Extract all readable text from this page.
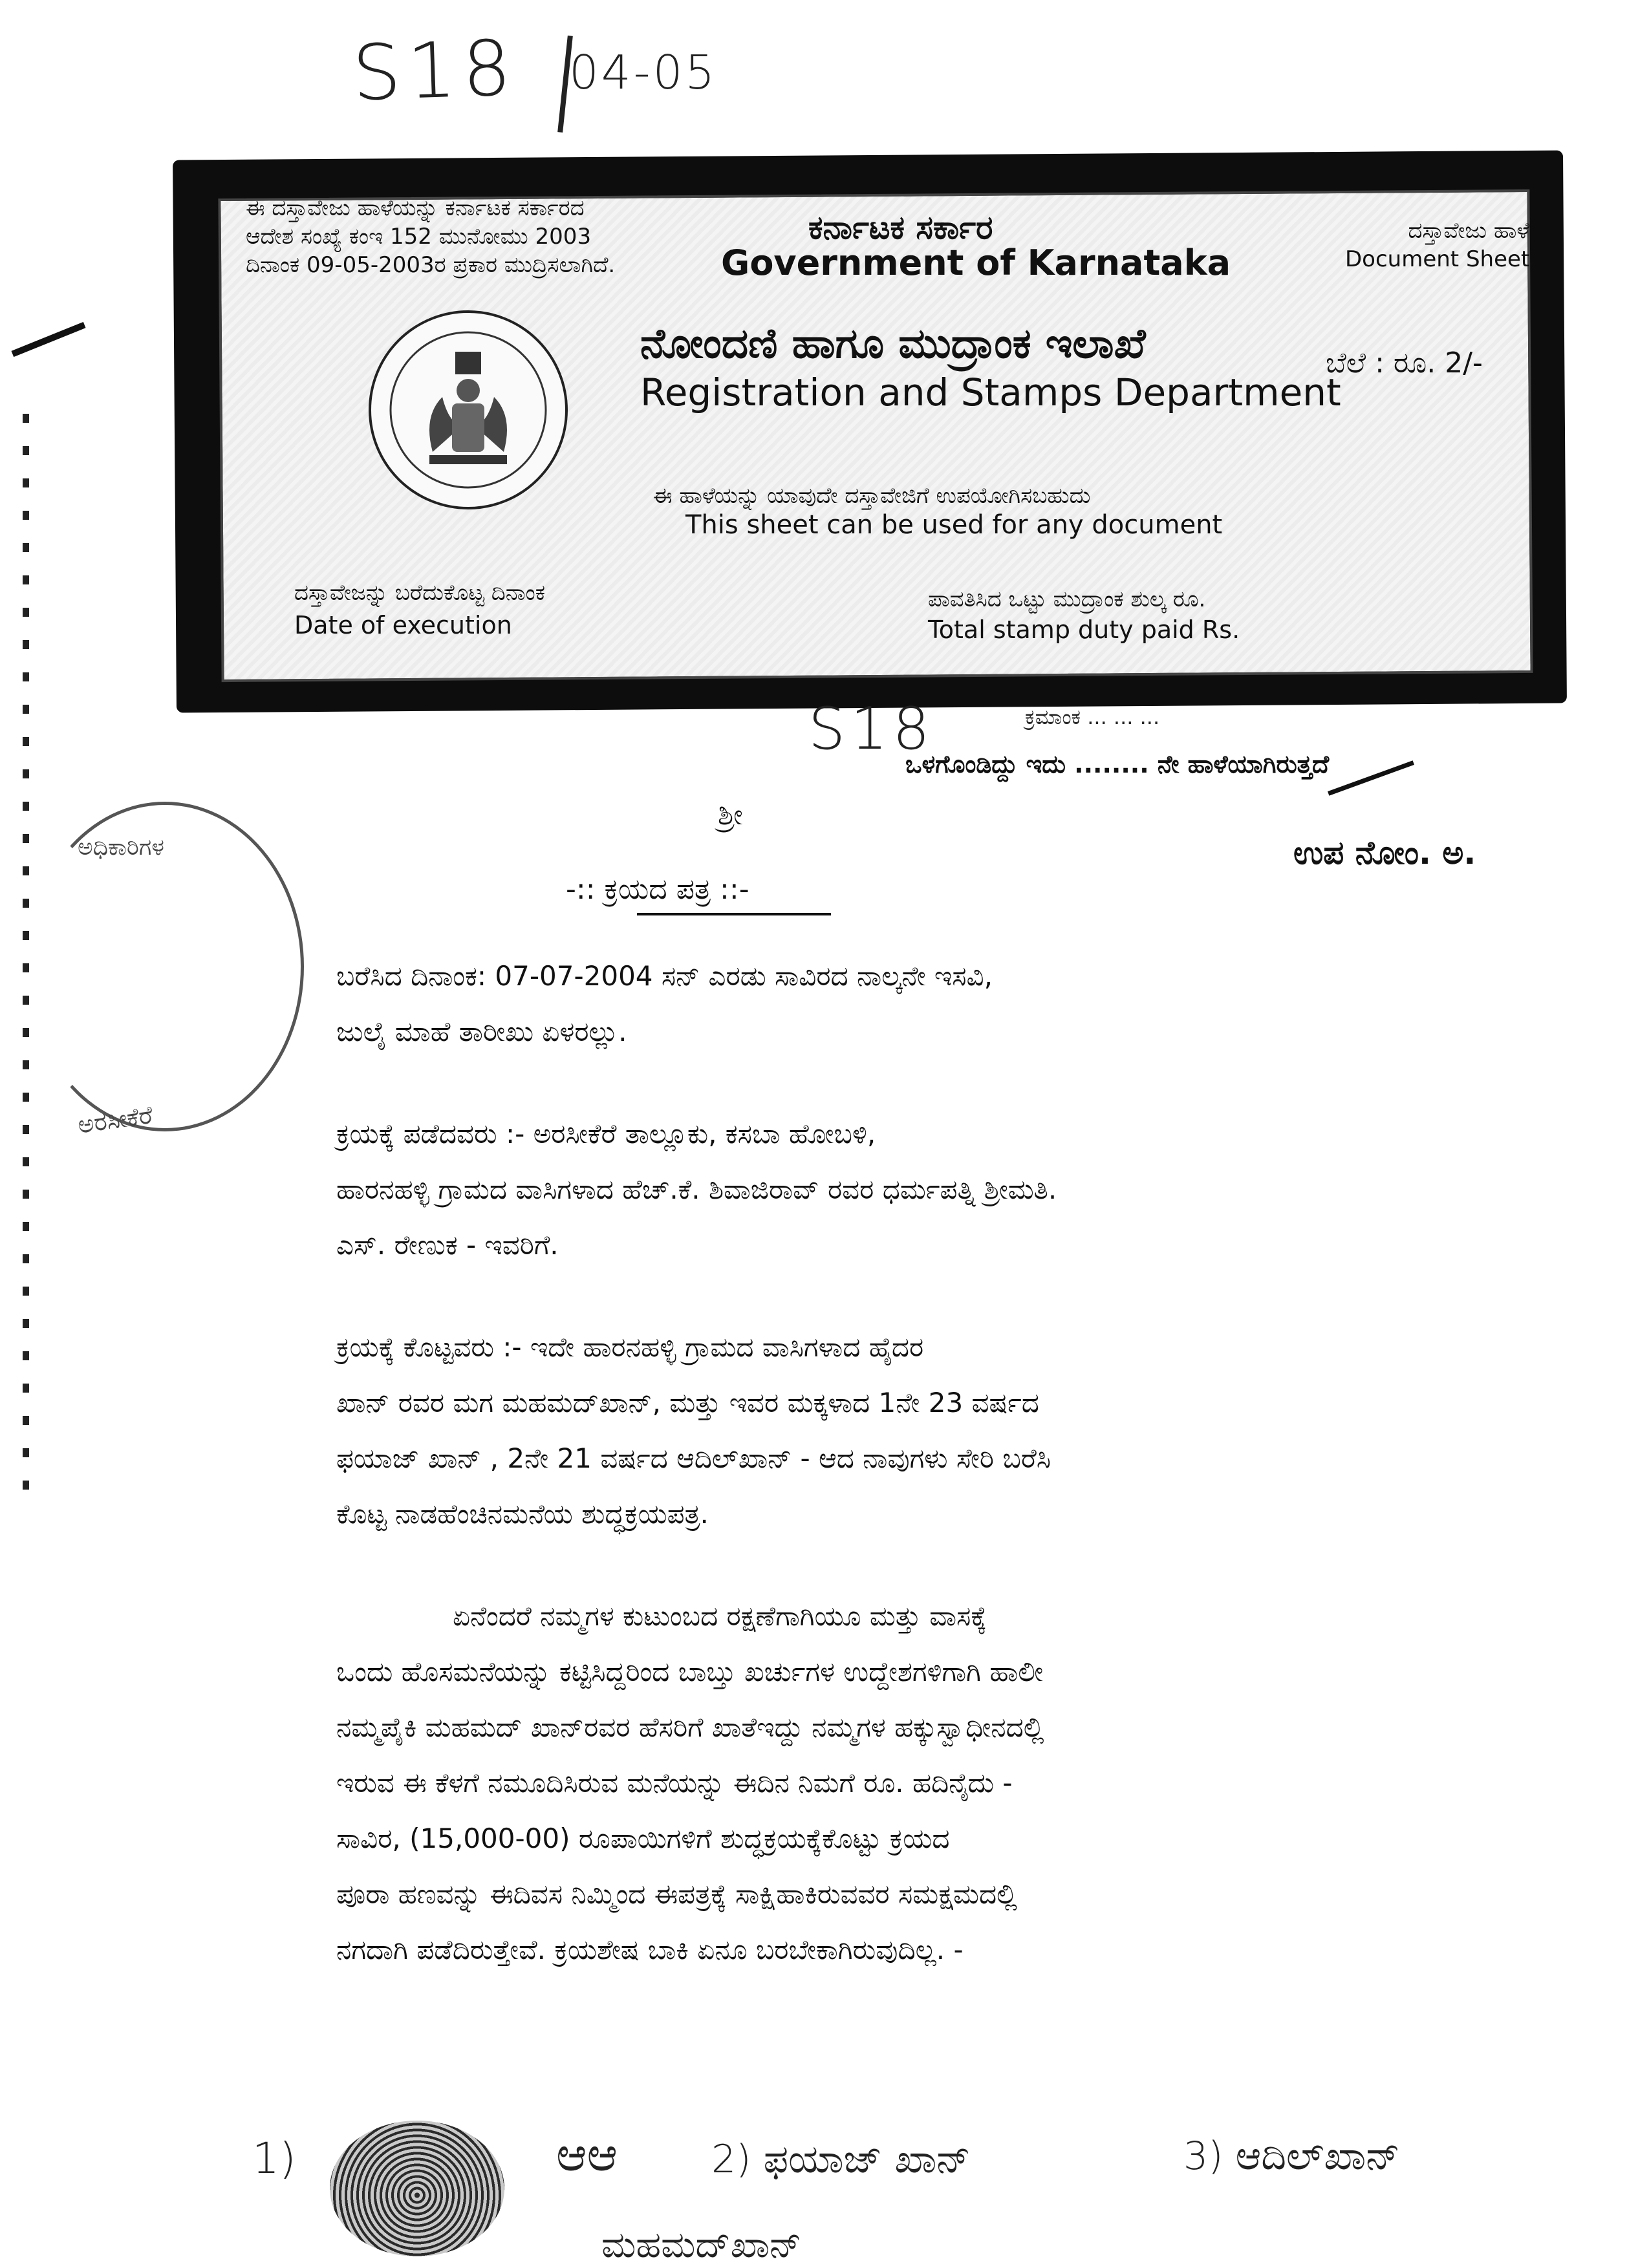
S18 04-05
ಈ ದಸ್ತಾವೇಜು ಹಾಳೆಯನ್ನು ಕರ್ನಾಟಕ ಸರ್ಕಾರದ
ಆದೇಶ ಸಂಖ್ಯೆ ಕಂಇ 152 ಮುನೋಮು 2003
ದಿನಾಂಕ 09-05-2003ರ ಪ್ರಕಾರ ಮುದ್ರಿಸಲಾಗಿದೆ.
ಕರ್ನಾಟಕ ಸರ್ಕಾರ
Government of Karnataka
ದಸ್ತಾವೇಜು ಹಾಳೆ
Document Sheet
ನೋಂದಣಿ ಹಾಗೂ ಮುದ್ರಾಂಕ ಇಲಾಖೆ
Registration and Stamps Department
ಬೆಲೆ : ರೂ. 2/-
ಈ ಹಾಳೆಯನ್ನು ಯಾವುದೇ ದಸ್ತಾವೇಜಿಗೆ ಉಪಯೋಗಿಸಬಹುದು
This sheet can be used for any document
ದಸ್ತಾವೇಜನ್ನು ಬರೆದುಕೊಟ್ಟ ದಿನಾಂಕ
Date of execution
ಪಾವತಿಸಿದ ಒಟ್ಟು ಮುದ್ರಾಂಕ ಶುಲ್ಕ ರೂ.
Total stamp duty paid Rs.
S18	ಕ್ರಮಾಂಕ ... ... ...
ಒಳಗೊಂಡಿದ್ದು ಇದು ........ ನೇ ಹಾಳೆಯಾಗಿರುತ್ತದೆ
ಉಪ ನೋಂ. ಅ.
ಅಧಿಕಾರಿಗಳ
ಅರಸೀಕೆರೆ
ಶ್ರೀ
-:: ಕ್ರಯದ ಪತ್ರ ::-
ಬರೆಸಿದ ದಿನಾಂಕ: 07-07-2004 ಸನ್ ಎರಡು ಸಾವಿರದ ನಾಲ್ಕನೇ ಇಸವಿ,
ಜುಲೈ ಮಾಹೆ ತಾರೀಖು ಏಳರಲ್ಲು.
ಕ್ರಯಕ್ಕೆ ಪಡೆದವರು :- ಅರಸೀಕೆರೆ ತಾಲ್ಲೂಕು, ಕಸಬಾ ಹೋಬಳಿ,
ಹಾರನಹಳ್ಳಿ ಗ್ರಾಮದ ವಾಸಿಗಳಾದ ಹೆಚ್.ಕೆ. ಶಿವಾಜಿರಾವ್ ರವರ ಧರ್ಮಪತ್ನಿ ಶ್ರೀಮತಿ.
ಎಸ್. ರೇಣುಕ - ಇವರಿಗೆ.
ಕ್ರಯಕ್ಕೆ ಕೊಟ್ಟವರು :- ಇದೇ ಹಾರನಹಳ್ಳಿ ಗ್ರಾಮದ ವಾಸಿಗಳಾದ ಹೈದರ
ಖಾನ್ ರವರ ಮಗ ಮಹಮದ್‌ಖಾನ್, ಮತ್ತು ಇವರ ಮಕ್ಕಳಾದ 1ನೇ 23 ವರ್ಷದ
ಫಯಾಜ್ ಖಾನ್ , 2ನೇ 21 ವರ್ಷದ ಆದಿಲ್‌ಖಾನ್ - ಆದ ನಾವುಗಳು ಸೇರಿ ಬರೆಸಿ
ಕೊಟ್ಟ ನಾಡಹೆಂಚಿನಮನೆಯ ಶುದ್ಧಕ್ರಯಪತ್ರ.
ಏನೆಂದರೆ ನಮ್ಮಗಳ ಕುಟುಂಬದ ರಕ್ಷಣೆಗಾಗಿಯೂ ಮತ್ತು ವಾಸಕ್ಕೆ
ಒಂದು ಹೊಸಮನೆಯನ್ನು ಕಟ್ಟಿಸಿದ್ದರಿಂದ ಬಾಬ್ತು ಖರ್ಚುಗಳ ಉದ್ದೇಶಗಳಿಗಾಗಿ ಹಾಲೀ
ನಮ್ಮಪೈಕಿ ಮಹಮದ್ ಖಾನ್‌ರವರ ಹೆಸರಿಗೆ ಖಾತೆಇದ್ದು ನಮ್ಮಗಳ ಹಕ್ಕುಸ್ವಾಧೀನದಲ್ಲಿ
ಇರುವ ಈ ಕೆಳಗೆ ನಮೂದಿಸಿರುವ ಮನೆಯನ್ನು ಈದಿನ ನಿಮಗೆ ರೂ. ಹದಿನೈದು -
ಸಾವಿರ, (15,000-00) ರೂಪಾಯಿಗಳಿಗೆ ಶುದ್ಧಕ್ರಯಕ್ಕೆಕೊಟ್ಟು ಕ್ರಯದ
ಪೂರಾ ಹಣವನ್ನು ಈದಿವಸ ನಿಮ್ಮಿಂದ ಈಪತ್ರಕ್ಕೆ ಸಾಕ್ಷಿಹಾಕಿರುವವರ ಸಮಕ್ಷಮದಲ್ಲಿ
ನಗದಾಗಿ ಪಡೆದಿರುತ್ತೇವೆ. ಕ್ರಯಶೇಷ ಬಾಕಿ ಏನೂ ಬರಬೇಕಾಗಿರುವುದಿಲ್ಲ. -
1)	ಆಆ 2) ಫಯಾಜ್ ಖಾನ್	3) ಆದಿಲ್‌ಖಾನ್
ಮಹಮದ್‌ಖಾನ್
